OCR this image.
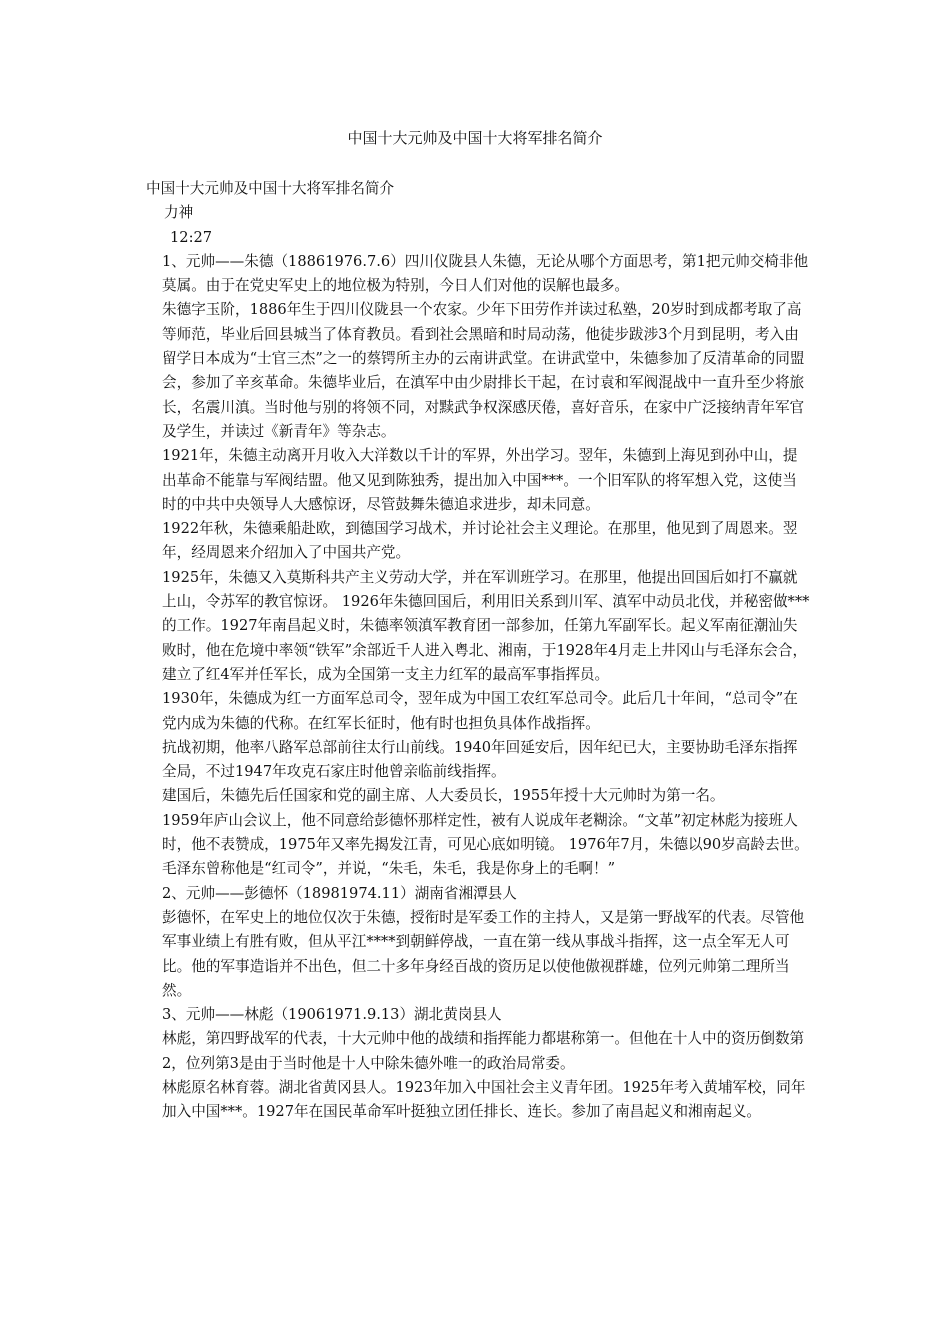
中国十大元帅及中国十大将军排名简介

中国十大元帅及中国十大将军排名简介

力神

12:27

1、元帅——朱德（18861976.7.6）四川仪陇县人朱德，无论从哪个方面思考，第1把元帅交椅非他莫属。由于在党史军史上的地位极为特别，今日人们对他的误解也最多。

朱德字玉阶，1886年生于四川仪陇县一个农家。少年下田劳作并读过私塾，20岁时到成都考取了高等师范，毕业后回县城当了体育教员。看到社会黑暗和时局动荡，他徒步跋涉3个月到昆明，考入由留学日本成为“士官三杰”之一的蔡锷所主办的云南讲武堂。在讲武堂中，朱德参加了反清革命的同盟会，参加了辛亥革命。朱德毕业后，在滇军中由少尉排长干起，在讨袁和军阀混战中一直升至少将旅长，名震川滇。当时他与别的将领不同，对黩武争权深感厌倦，喜好音乐，在家中广泛接纳青年军官及学生，并读过《新青年》等杂志。

1921年，朱德主动离开月收入大洋数以千计的军界，外出学习。翌年，朱德到上海见到孙中山，提出革命不能靠与军阀结盟。他又见到陈独秀，提出加入中国***。一个旧军队的将军想入党，这使当时的中共中央领导人大感惊讶，尽管鼓舞朱德追求进步，却未同意。

1922年秋，朱德乘船赴欧，到德国学习战术，并讨论社会主义理论。在那里，他见到了周恩来。翌年，经周恩来介绍加入了中国共产党。

1925年，朱德又入莫斯科共产主义劳动大学，并在军训班学习。在那里，他提出回国后如打不赢就上山，令苏军的教官惊讶。 1926年朱德回国后，利用旧关系到川军、滇军中动员北伐，并秘密做***的工作。1927年南昌起义时，朱德率领滇军教育团一部参加，任第九军副军长。起义军南征潮汕失败时，他在危境中率领“铁军”余部近千人进入粤北、湘南，于1928年4月走上井冈山与毛泽东会合，建立了红4军并任军长，成为全国第一支主力红军的最高军事指挥员。

1930年，朱德成为红一方面军总司令，翌年成为中国工农红军总司令。此后几十年间，“总司令”在党内成为朱德的代称。在红军长征时，他有时也担负具体作战指挥。

抗战初期，他率八路军总部前往太行山前线。1940年回延安后，因年纪已大，主要协助毛泽东指挥全局，不过1947年攻克石家庄时他曾亲临前线指挥。

建国后，朱德先后任国家和党的副主席、人大委员长，1955年授十大元帅时为第一名。

1959年庐山会议上，他不同意给彭德怀那样定性，被有人说成年老糊涂。“文革”初定林彪为接班人时，他不表赞成，1975年又率先揭发江青，可见心底如明镜。 1976年7月，朱德以90岁高龄去世。毛泽东曾称他是“红司令”，并说，“朱毛，朱毛，我是你身上的毛啊！”

2、元帅——彭德怀（18981974.11）湖南省湘潭县人

彭德怀，在军史上的地位仅次于朱德，授衔时是军委工作的主持人，又是第一野战军的代表。尽管他军事业绩上有胜有败，但从平江****到朝鲜停战，一直在第一线从事战斗指挥，这一点全军无人可比。他的军事造诣并不出色，但二十多年身经百战的资历足以使他傲视群雄，位列元帅第二理所当然。

3、元帅——林彪（19061971.9.13）湖北黄岗县人

林彪，第四野战军的代表，十大元帅中他的战绩和指挥能力都堪称第一。但他在十人中的资历倒数第2，位列第3是由于当时他是十人中除朱德外唯一的政治局常委。

林彪原名林育蓉。湖北省黄冈县人。1923年加入中国社会主义青年团。1925年考入黄埔军校，同年加入中国***。1927年在国民革命军叶挺独立团任排长、连长。参加了南昌起义和湘南起义。
